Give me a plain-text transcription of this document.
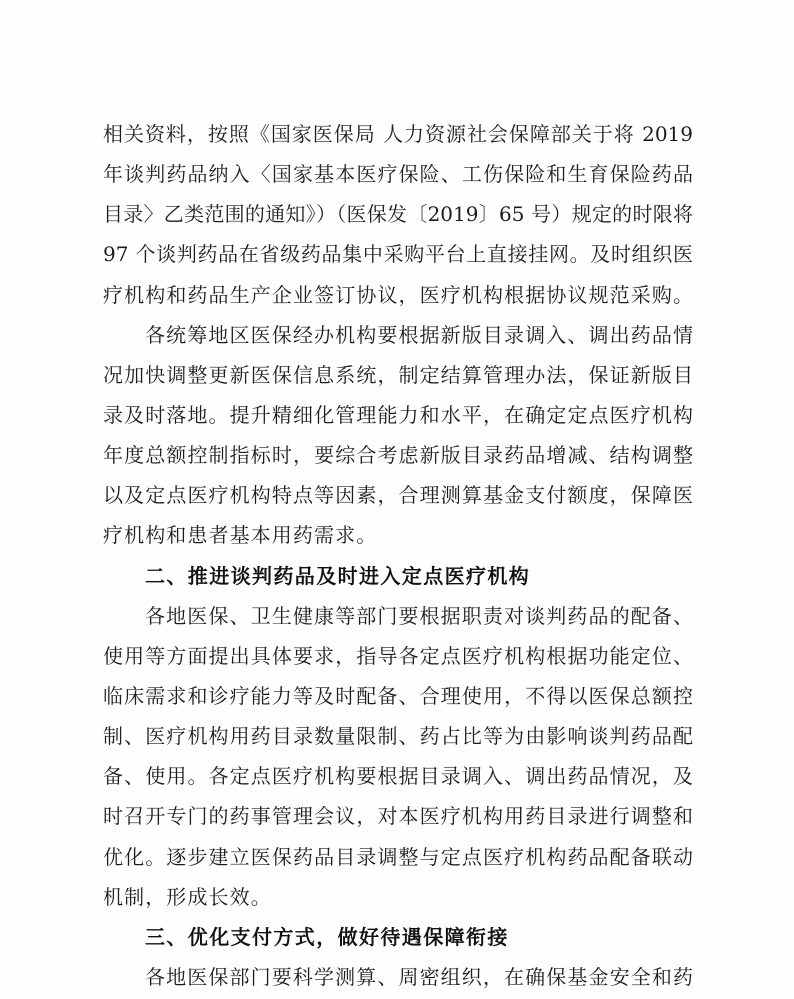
相关资料，按照《国家医保局 人力资源社会保障部关于将 2019
年谈判药品纳入〈国家基本医疗保险、工伤保险和生育保险药品
目录〉乙类范围的通知》）（医保发〔2019〕65 号）规定的时限将
97 个谈判药品在省级药品集中采购平台上直接挂网。及时组织医
疗机构和药品生产企业签订协议，医疗机构根据协议规范采购。
各统筹地区医保经办机构要根据新版目录调入、调出药品情
况加快调整更新医保信息系统，制定结算管理办法，保证新版目
录及时落地。提升精细化管理能力和水平，在确定定点医疗机构
年度总额控制指标时，要综合考虑新版目录药品增减、结构调整
以及定点医疗机构特点等因素，合理测算基金支付额度，保障医
疗机构和患者基本用药需求。
二、推进谈判药品及时进入定点医疗机构
各地医保、卫生健康等部门要根据职责对谈判药品的配备、
使用等方面提出具体要求，指导各定点医疗机构根据功能定位、
临床需求和诊疗能力等及时配备、合理使用，不得以医保总额控
制、医疗机构用药目录数量限制、药占比等为由影响谈判药品配
备、使用。各定点医疗机构要根据目录调入、调出药品情况，及
时召开专门的药事管理会议，对本医疗机构用药目录进行调整和
优化。逐步建立医保药品目录调整与定点医疗机构药品配备联动
机制，形成长效。
三、优化支付方式，做好待遇保障衔接
各地医保部门要科学测算、周密组织，在确保基金安全和药
